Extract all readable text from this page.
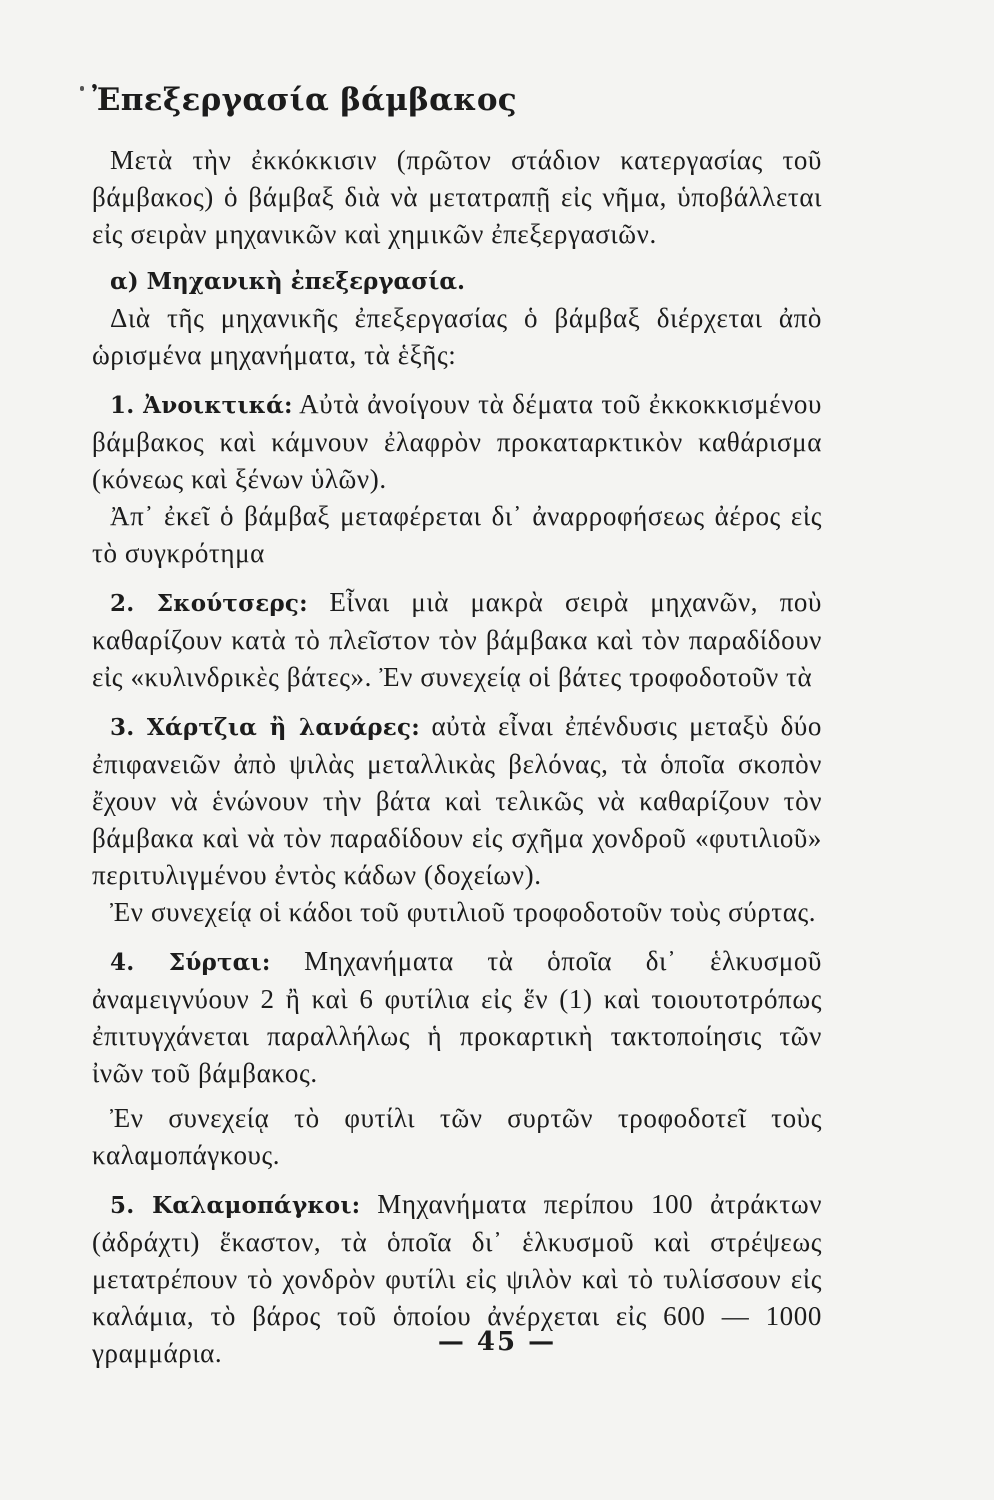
Ἐπεξεργασία βάμβακος

Μετὰ τὴν ἐκκόκκισιν (πρῶτον στάδιον κατεργασίας τοῦ βάμβακος) ὁ βάμβαξ διὰ νὰ μετατραπῇ εἰς νῆμα, ὑποβάλλεται εἰς σειρὰν μηχανικῶν καὶ χημικῶν ἐπεξεργασιῶν.

α) Μηχανικὴ ἐπεξεργασία.

Διὰ τῆς μηχανικῆς ἐπεξεργασίας ὁ βάμβαξ διέρχεται ἀπὸ ὡρισμένα μηχανήματα, τὰ ἑξῆς:

1. Ἀνοικτικά: Αὐτὰ ἀνοίγουν τὰ δέματα τοῦ ἐκκοκκισμένου βάμβακος καὶ κάμνουν ἐλαφρὸν προκαταρκτικὸν καθάρισμα (κόνεως καὶ ξένων ὑλῶν).

Ἀπ᾽ ἐκεῖ ὁ βάμβαξ μεταφέρεται δι᾽ ἀναρροφήσεως ἀέρος εἰς τὸ συγκρότημα

2. Σκούτσερς: Εἶναι μιὰ μακρὰ σειρὰ μηχανῶν, ποὺ καθαρίζουν κατὰ τὸ πλεῖστον τὸν βάμβακα καὶ τὸν παραδίδουν εἰς «κυλινδρικὲς βάτες». Ἐν συνεχείᾳ οἱ βάτες τροφοδοτοῦν τὰ

3. Χάρτζια ἢ λανάρες: αὐτὰ εἶναι ἐπένδυσις μεταξὺ δύο ἐπιφανειῶν ἀπὸ ψιλὰς μεταλλικὰς βελόνας, τὰ ὁποῖα σκοπὸν ἔχουν νὰ ἑνώνουν τὴν βάτα καὶ τελικῶς νὰ καθαρίζουν τὸν βάμβακα καὶ νὰ τὸν παραδίδουν εἰς σχῆμα χονδροῦ «φυτιλιοῦ» περιτυλιγμένου ἐντὸς κάδων (δοχείων).

Ἐν συνεχείᾳ οἱ κάδοι τοῦ φυτιλιοῦ τροφοδοτοῦν τοὺς σύρτας.

4. Σύρται: Μηχανήματα τὰ ὁποῖα δι᾽ ἑλκυσμοῦ ἀναμειγνύουν 2 ἢ καὶ 6 φυτίλια εἰς ἕν (1) καὶ τοιουτοτρόπως ἐπιτυγχάνεται παραλλήλως ἡ προκαρτικὴ τακτοποίησις τῶν ἰνῶν τοῦ βάμβακος.

Ἐν συνεχείᾳ τὸ φυτίλι τῶν συρτῶν τροφοδοτεῖ τοὺς καλαμοπάγκους.

5. Καλαμοπάγκοι: Μηχανήματα περίπου 100 ἀτράκτων (ἀδράχτι) ἕκαστον, τὰ ὁποῖα δι᾽ ἑλκυσμοῦ καὶ στρέψεως μετατρέπουν τὸ χονδρὸν φυτίλι εἰς ψιλὸν καὶ τὸ τυλίσσουν εἰς καλάμια, τὸ βάρος τοῦ ὁποίου ἀνέρχεται εἰς 600 — 1000 γραμμάρια.	— 45 —
